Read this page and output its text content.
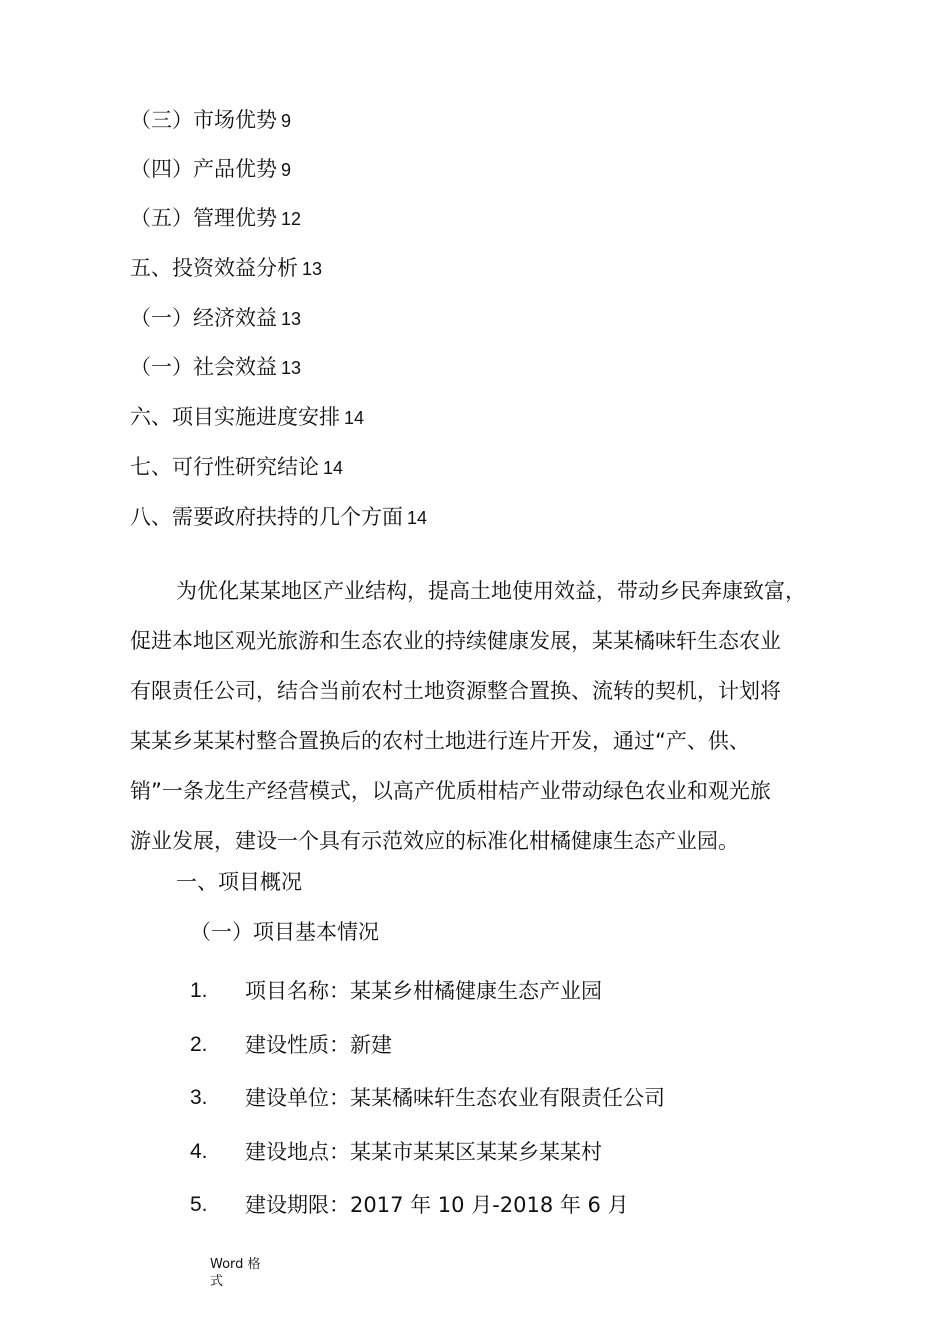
（三）市场优势 9
（四）产品优势 9
（五）管理优势 12
五、投资效益分析 13
（一）经济效益 13
（一）社会效益 13
六、项目实施进度安排 14
七、可行性研究结论 14
八、需要政府扶持的几个方面 14

为优化某某地区产业结构，提高土地使用效益，带动乡民奔康致富，

促进本地区观光旅游和生态农业的持续健康发展，某某橘味轩生态农业

有限责任公司，结合当前农村土地资源整合置换、流转的契机，计划将

某某乡某某村整合置换后的农村土地进行连片开发，通过“产、供、

销”一条龙生产经营模式，以高产优质柑桔产业带动绿色农业和观光旅

游业发展，建设一个具有示范效应的标准化柑橘健康生态产业园。

一、项目概况
（一）项目基本情况
1. 项目名称：某某乡柑橘健康生态产业园
2. 建设性质：新建
3. 建设单位：某某橘味轩生态农业有限责任公司
4. 建设地点：某某市某某区某某乡某某村
5. 建设期限：2017 年 10 月-2018 年 6 月
Word 格式
